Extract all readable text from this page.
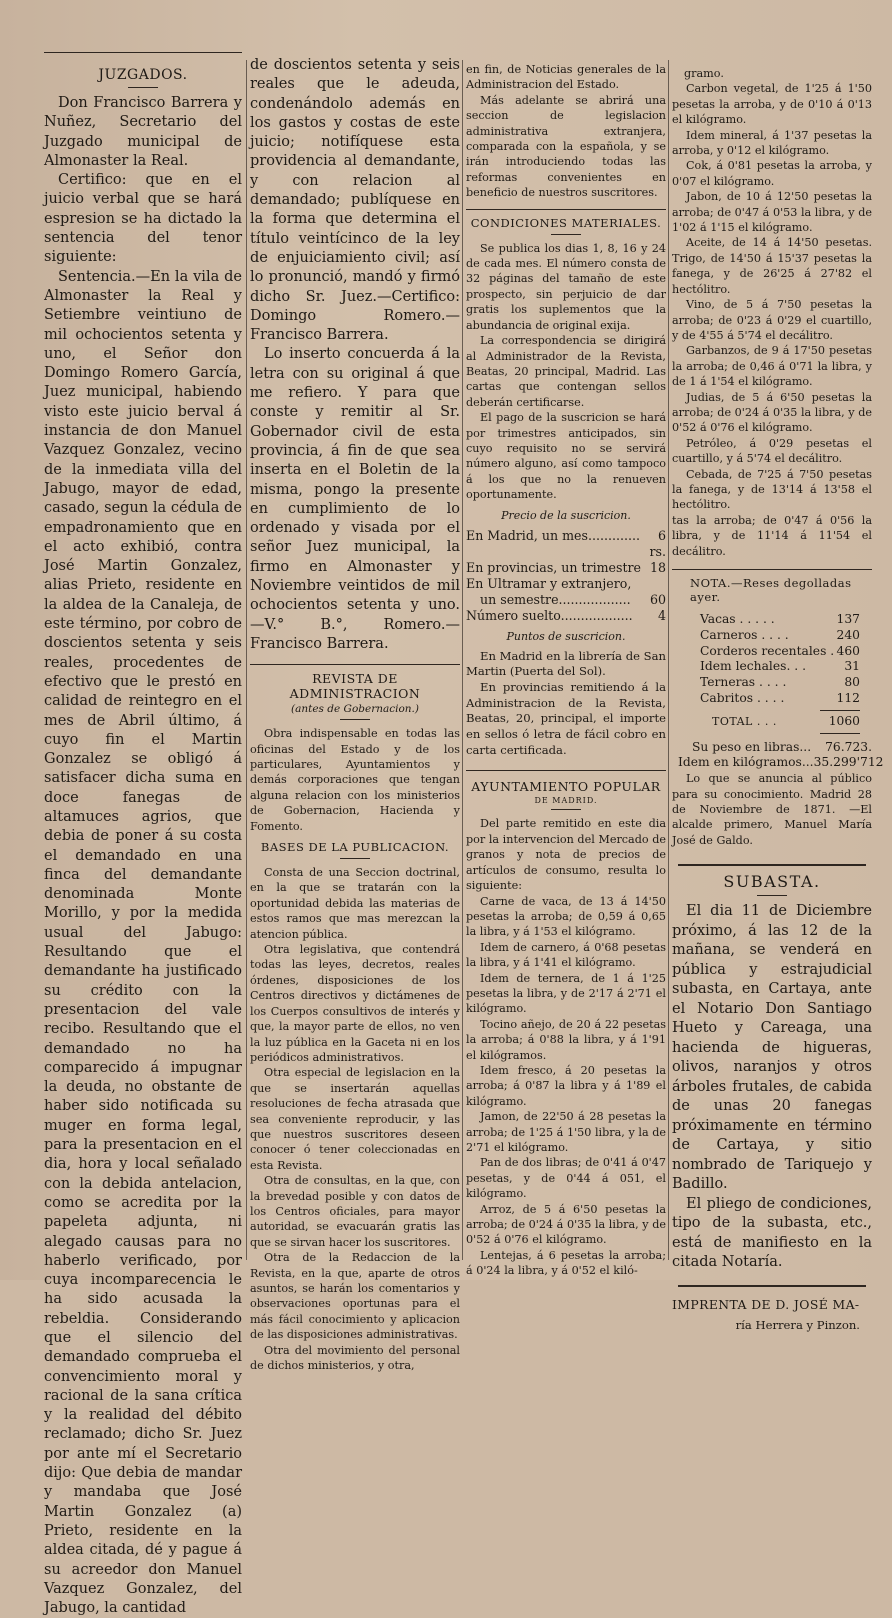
JUZGADOS.

Don Francisco Barrera y Nuñez, Secretario del Juzgado municipal de Almonaster la Real.

Certifico: que en el juicio verbal que se hará espresion se ha dictado la sentencia del tenor siguiente:

Sentencia.—En la vila de Almonaster la Real y Setiembre veintiuno de mil ochocientos setenta y uno, el Señor don Domingo Romero García, Juez municipal, habiendo visto este juicio berval á instancia de don Manuel Vazquez Gonzalez, vecino de la inmediata villa del Jabugo, mayor de edad, casado, segun la cédula de empadronamiento que en el acto exhibió, contra José Martin Gonzalez, alias Prieto, residente en la aldea de la Canaleja, de este término, por cobro de doscientos setenta y seis reales, procedentes de efectivo que le prestó en calidad de reintegro en el mes de Abril último, á cuyo fin el Martin Gonzalez se obligó á satisfacer dicha suma en doce fanegas de altamuces agrios, que debia de poner á su costa el demandado en una finca del demandante denominada Monte Morillo, y por la medida usual del Jabugo: Resultando que el demandante ha justificado su crédito con la presentacion del vale recibo. Resultando que el demandado no ha comparecido á impugnar la deuda, no obstante de haber sido notificada su muger en forma legal, para la presentacion en el dia, hora y local señalado con la debida antelacion, como se acredita por la papeleta adjunta, ni alegado causas para no haberlo verificado, por cuya incomparecencia le ha sido acusada la rebeldia. Considerando que el silencio del demandado comprueba el convencimiento moral y racional de la sana crítica y la realidad del débito reclamado; dicho Sr. Juez por ante mí el Secretario dijo: Que debia de mandar y mandaba que José Martin Gonzalez (a) Prieto, residente en la aldea citada, dé y pague á su acreedor don Manuel Vazquez Gonzalez, del Jabugo, la cantidad

de doscientos setenta y seis reales que le adeuda, condenándolo además en los gastos y costas de este juicio; notifíquese esta providencia al demandante, y con relacion al demandado; publíquese en la forma que determina el título veintícinco de la ley de enjuiciamiento civil; así lo pronunció, mandó y firmó dicho Sr. Juez.—Certifico: Domingo Romero.—Francisco Barrera.

Lo inserto concuerda á la letra con su original á que me refiero. Y para que conste y remitir al Sr. Gobernador civil de esta provincia, á fin de que sea inserta en el Boletin de la misma, pongo la presente en cumplimiento de lo ordenado y visada por el señor Juez municipal, la firmo en Almonaster y Noviembre veintidos de mil ochocientos setenta y uno.—V.° B.°, Romero.—Francisco Barrera.

REVISTA DE ADMINISTRACION
(antes de Gobernacion.)

Obra indispensable en todas las oficinas del Estado y de los particulares, Ayuntamientos y demás corporaciones que tengan alguna relacion con los ministerios de Gobernacion, Hacienda y Fomento.

BASES DE LA PUBLICACION.

Consta de una Seccion doctrinal, en la que se tratarán con la oportunidad debida las materias de estos ramos que mas merezcan la atencion pública.

Otra legislativa, que contendrá todas las leyes, decretos, reales órdenes, disposiciones de los Centros directivos y dictámenes de los Cuerpos consultivos de interés y que, la mayor parte de ellos, no ven la luz pública en la Gaceta ni en los periódicos administrativos.

Otra especial de legislacion en la que se insertarán aquellas resoluciones de fecha atrasada que sea conveniente reproducir, y las que nuestros suscritores deseen conocer ó tener coleccionadas en esta Revista.

Otra de consultas, en la que, con la brevedad posible y con datos de los Centros oficiales, para mayor autoridad, se evacuarán gratis las que se sirvan hacer los suscritores.

Otra de la Redaccion de la Revista, en la que, aparte de otros asuntos, se harán los comentarios y observaciones oportunas para el más fácil conocimiento y aplicacion de las disposiciones administrativas.

Otra del movimiento del personal de dichos ministerios, y otra,

en fin, de Noticias generales de la Administracion del Estado.

Más adelante se abrirá una seccion de legislacion administrativa extranjera, comparada con la española, y se irán introduciendo todas las reformas convenientes en beneficio de nuestros suscritores.

CONDICIONES MATERIALES.

Se publica los dias 1, 8, 16 y 24 de cada mes. El número consta de 32 páginas del tamaño de este prospecto, sin perjuicio de dar gratis los suplementos que la abundancia de original exija.

La correspondencia se dirigirá al Administrador de la Revista, Beatas, 20 principal, Madrid. Las cartas que contengan sellos deberán certificarse.

El pago de la suscricion se hará por trimestres anticipados, sin cuyo requisito no se servirá número alguno, así como tampoco á los que no la renueven oportunamente.

Precio de la suscricion.
En Madrid, un mes.............	6 rs.
En provincias, un trimestre 18
En Ultramar y extranjero,
un semestre..................	60
Número suelto..................	4
Puntos de suscricion.

En Madrid en la librería de San Martin (Puerta del Sol).

En provincias remitiendo á la Administracion de la Revista, Beatas, 20, principal, el importe en sellos ó letra de fácil cobro en carta certificada.

AYUNTAMIENTO POPULAR
DE MADRID.

Del parte remitido en este dia por la intervencion del Mercado de granos y nota de precios de artículos de consumo, resulta lo siguiente:

Carne de vaca, de 13 á 14'50 pesetas la arroba; de 0,59 á 0,65 la libra, y á 1'53 el kilógramo.

Idem de carnero, á 0'68 pesetas la libra, y á 1'41 el kilógramo.

Idem de ternera, de 1 á 1'25 pesetas la libra, y de 2'17 á 2'71 el kilógramo.

Tocino añejo, de 20 á 22 pesetas la arroba; á 0'88 la libra, y á 1'91 el kilógramos.

Idem fresco, á 20 pesetas la arroba; á 0'87 la libra y á 1'89 el kilógramo.

Jamon, de 22'50 á 28 pesetas la arroba; de 1'25 á 1'50 libra, y la de 2'71 el kilógramo.

Pan de dos libras; de 0'41 á 0'47 pesetas, y de 0'44 á 051, el kilógramo.

Arroz, de 5 á 6'50 pesetas la arroba; de 0'24 á 0'35 la libra, y de 0'52 á 0'76 el kilógramo.

Lentejas, á 6 pesetas la arroba; á 0'24 la libra, y á 0'52 el kiló-

gramo.

Carbon vegetal, de 1'25 á 1'50 pesetas la arroba, y de 0'10 á 0'13 el kilógramo.

Idem mineral, á 1'37 pesetas la arroba, y 0'12 el kilógramo.

Cok, á 0'81 pesetas la arroba, y 0'07 el kilógramo.

Jabon, de 10 á 12'50 pesetas la arroba; de 0'47 á 0'53 la libra, y de 1'02 á 1'15 el kilógramo.

Aceite, de 14 á 14'50 pesetas. Trigo, de 14'50 á 15'37 pesetas la fanega, y de 26'25 á 27'82 el hectólitro.

Vino, de 5 á 7'50 pesetas la arroba; de 0'23 á 0'29 el cuartillo, y de 4'55 á 5'74 el decálitro.

Garbanzos, de 9 á 17'50 pesetas la arroba; de 0,46 á 0'71 la libra, y de 1 á 1'54 el kilógramo.

Judias, de 5 á 6'50 pesetas la arroba; de 0'24 á 0'35 la libra, y de 0'52 á 0'76 el kilógramo.

Petróleo, á 0'29 pesetas el cuartillo, y á 5'74 el decálitro.

Cebada, de 7'25 á 7'50 pesetas la fanega, y de 13'14 á 13'58 el hectólitro.

tas la arroba; de 0'47 á 0'56 la libra, y de 11'14 á 11'54 el decálitro.

NOTA.—Reses degolladas ayer.
Vacas . . . . .	137
Carneros . . . .	240
Corderos recentales . 460
Idem lechales. . .	31
Terneras . . . .	80
Cabritos . . . .	112
TOTAL . . .	1060
Su peso en libras...	76.723.
Idem en kilógramos... 35.299'712

Lo que se anuncia al público para su conocimiento. Madrid 28 de Noviembre de 1871. —El alcalde primero, Manuel María José de Galdo.

SUBASTA.

El dia 11 de Diciembre próximo, á las 12 de la mañana, se venderá en pública y estrajudicial subasta, en Cartaya, ante el Notario Don Santiago Hueto y Careaga, una hacienda de higueras, olivos, naranjos y otros árboles frutales, de cabida de unas 20 fanegas próximamente en término de Cartaya, y sitio nombrado de Tariquejo y Badillo.

El pliego de condiciones, tipo de la subasta, etc., está de manifiesto en la citada Notaría.

IMPRENTA DE D. JOSÉ MA-
ría Herrera y Pinzon.
